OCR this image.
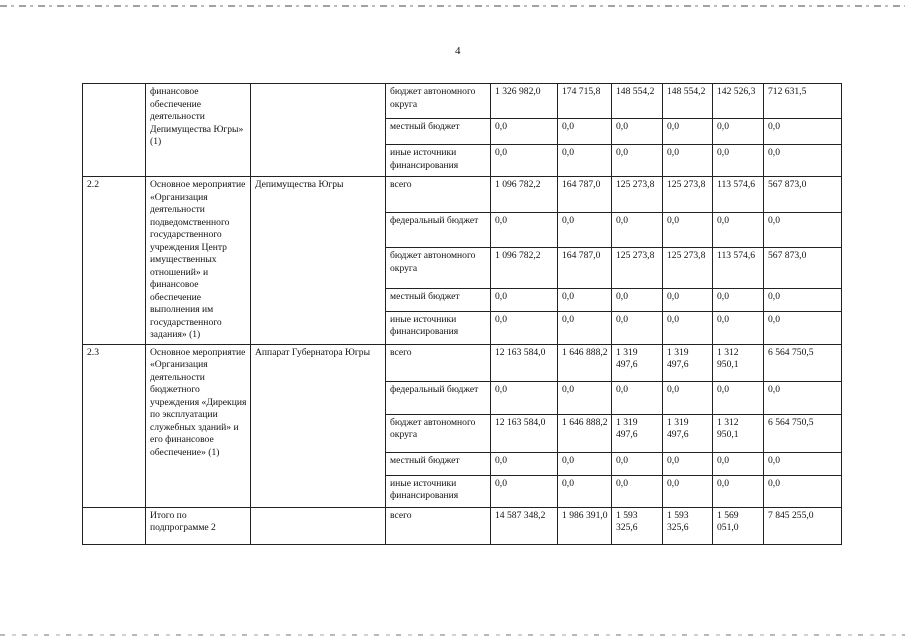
4
	финансовое обеспечение деятельности Депимущества Югры» (1)		бюджет автономного округа	1 326 982,0	174 715,8	148 554,2	148 554,2	142 526,3	712 631,5
			местный бюджет	0,0	0,0	0,0	0,0	0,0	0,0
			иные источники финансирования	0,0	0,0	0,0	0,0	0,0	0,0
2.2	Основное мероприятие «Организация деятельности подведомственного государственного учреждения Центр имущественных отношений» и финансовое обеспечение выполнения им государственного задания» (1)	Депимущества Югры	всего	1 096 782,2	164 787,0	125 273,8	125 273,8	113 574,6	567 873,0
			федеральный бюджет	0,0	0,0	0,0	0,0	0,0	0,0
			бюджет автономного округа	1 096 782,2	164 787,0	125 273,8	125 273,8	113 574,6	567 873,0
			местный бюджет	0,0	0,0	0,0	0,0	0,0	0,0
			иные источники финансирования	0,0	0,0	0,0	0,0	0,0	0,0
2.3	Основное мероприятие «Организация деятельности бюджетного учреждения «Дирекция по эксплуатации служебных зданий» и его финансовое обеспечение» (1)	Аппарат Губернатора Югры	всего	12 163 584,0	1 646 888,2	1 319 497,6	1 319 497,6	1 312 950,1	6 564 750,5
			федеральный бюджет	0,0	0,0	0,0	0,0	0,0	0,0
			бюджет автономного округа	12 163 584,0	1 646 888,2	1 319 497,6	1 319 497,6	1 312 950,1	6 564 750,5
			местный бюджет	0,0	0,0	0,0	0,0	0,0	0,0
			иные источники финансирования	0,0	0,0	0,0	0,0	0,0	0,0
	Итого по подпрограмме 2		всего	14 587 348,2	1 986 391,0	1 593 325,6	1 593 325,6	1 569 051,0	7 845 255,0
